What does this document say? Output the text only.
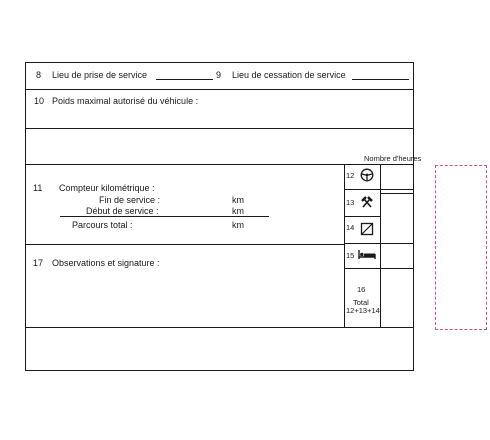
8 Lieu de prise de service	9 Lieu de cessation de service
10 Poids maximal autorisé du véhicule :
Nombre d'heures
11 Compteur kilométrique :
Fin de service :	km
Début de service :	km
Parcours total :	km
12
13
14
15
16
Total
12+13+14
17 Observations et signature :
